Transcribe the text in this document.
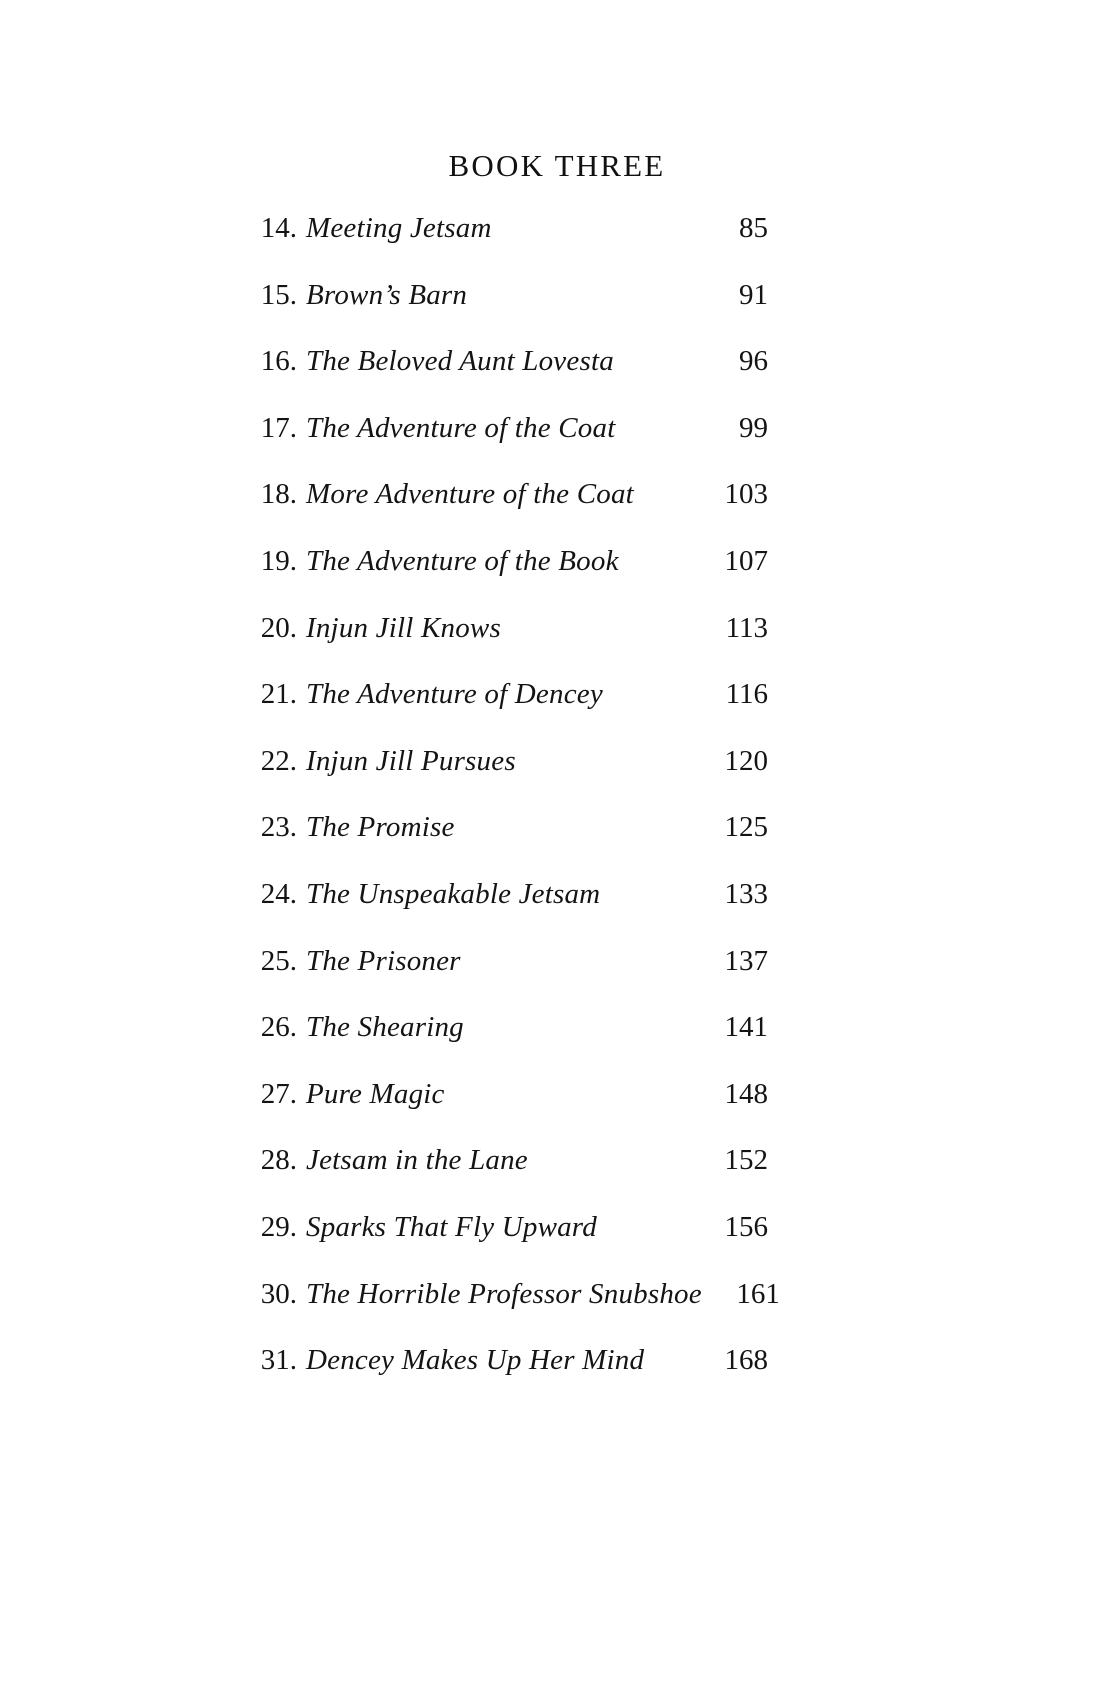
BOOK THREE
14. Meeting Jetsam	85
15. Brown’s Barn	91
16. The Beloved Aunt Lovesta	96
17. The Adventure of the Coat	99
18. More Adventure of the Coat	103
19. The Adventure of the Book	107
20. Injun Jill Knows	113
21. The Adventure of Dencey	116
22. Injun Jill Pursues	120
23. The Promise	125
24. The Unspeakable Jetsam	133
25. The Prisoner	137
26. The Shearing	141
27. Pure Magic	148
28. Jetsam in the Lane	152
29. Sparks That Fly Upward	156
30. The Horrible Professor Snubshoe	161
31. Dencey Makes Up Her Mind	168
